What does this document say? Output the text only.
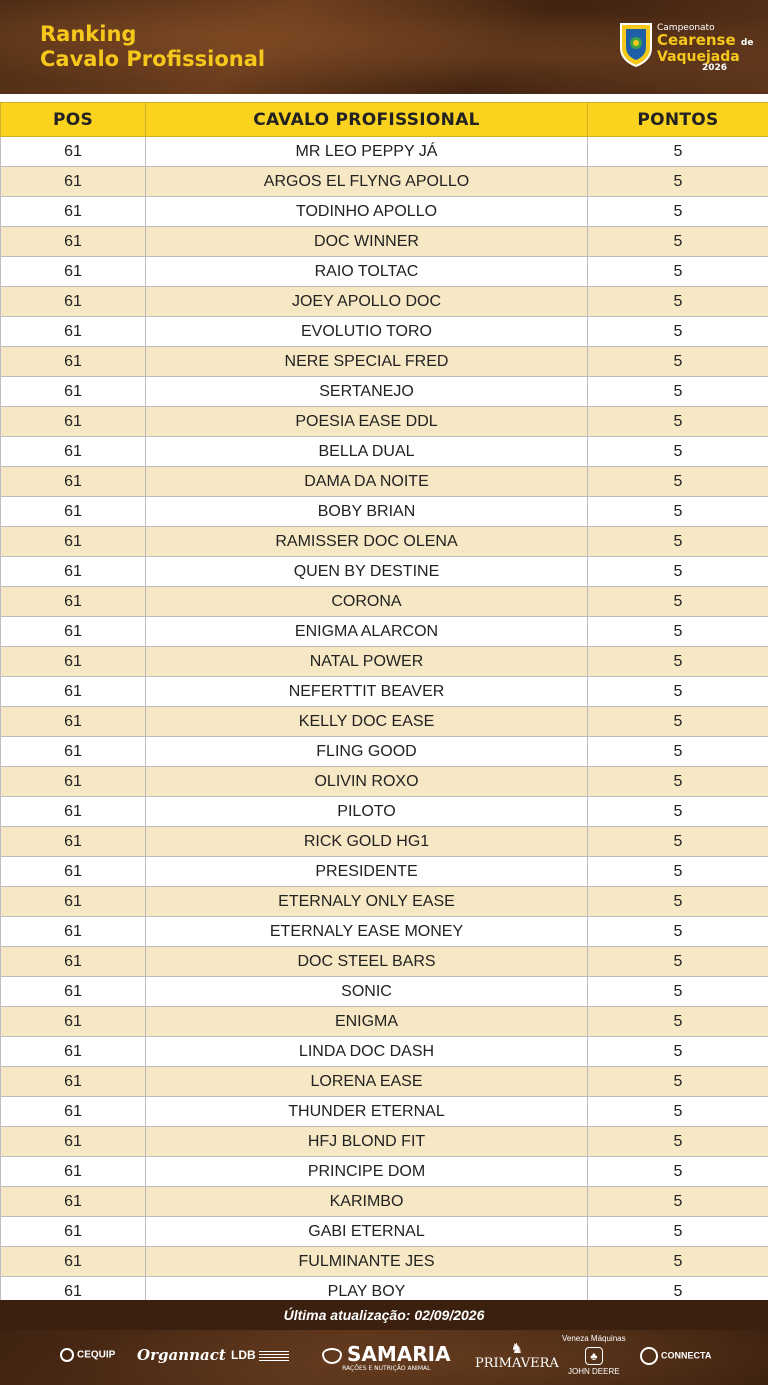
Ranking
Cavalo Profissional
Campeonato
Cearense de
Vaquejada
2026
POS	CAVALO PROFISSIONAL	PONTOS
61	MR LEO PEPPY JÁ	5
61	ARGOS EL FLYNG APOLLO	5
61	TODINHO APOLLO	5
61	DOC WINNER	5
61	RAIO TOLTAC	5
61	JOEY APOLLO DOC	5
61	EVOLUTIO TORO	5
61	NERE SPECIAL FRED	5
61	SERTANEJO	5
61	POESIA EASE DDL	5
61	BELLA DUAL	5
61	DAMA DA NOITE	5
61	BOBY BRIAN	5
61	RAMISSER DOC OLENA	5
61	QUEN BY DESTINE	5
61	CORONA	5
61	ENIGMA ALARCON	5
61	NATAL POWER	5
61	NEFERTTIT BEAVER	5
61	KELLY DOC EASE	5
61	FLING GOOD	5
61	OLIVIN ROXO	5
61	PILOTO	5
61	RICK GOLD HG1	5
61	PRESIDENTE	5
61	ETERNALY ONLY EASE	5
61	ETERNALY EASE MONEY	5
61	DOC STEEL BARS	5
61	SONIC	5
61	ENIGMA	5
61	LINDA DOC DASH	5
61	LORENA EASE	5
61	THUNDER ETERNAL	5
61	HFJ BLOND FIT	5
61	PRINCIPE DOM	5
61	KARIMBO	5
61	GABI ETERNAL	5
61	FULMINANTE JES	5
61	PLAY BOY	5
Última atualização: 02/09/2026
CEQUIP Organnact LDB	SAMARIA
RAÇÕES E NUTRIÇÃO ANIMAL
♞
PRIMAVERA
Veneza Máquinas
♣
JOHN DEERE
CONNECTA
